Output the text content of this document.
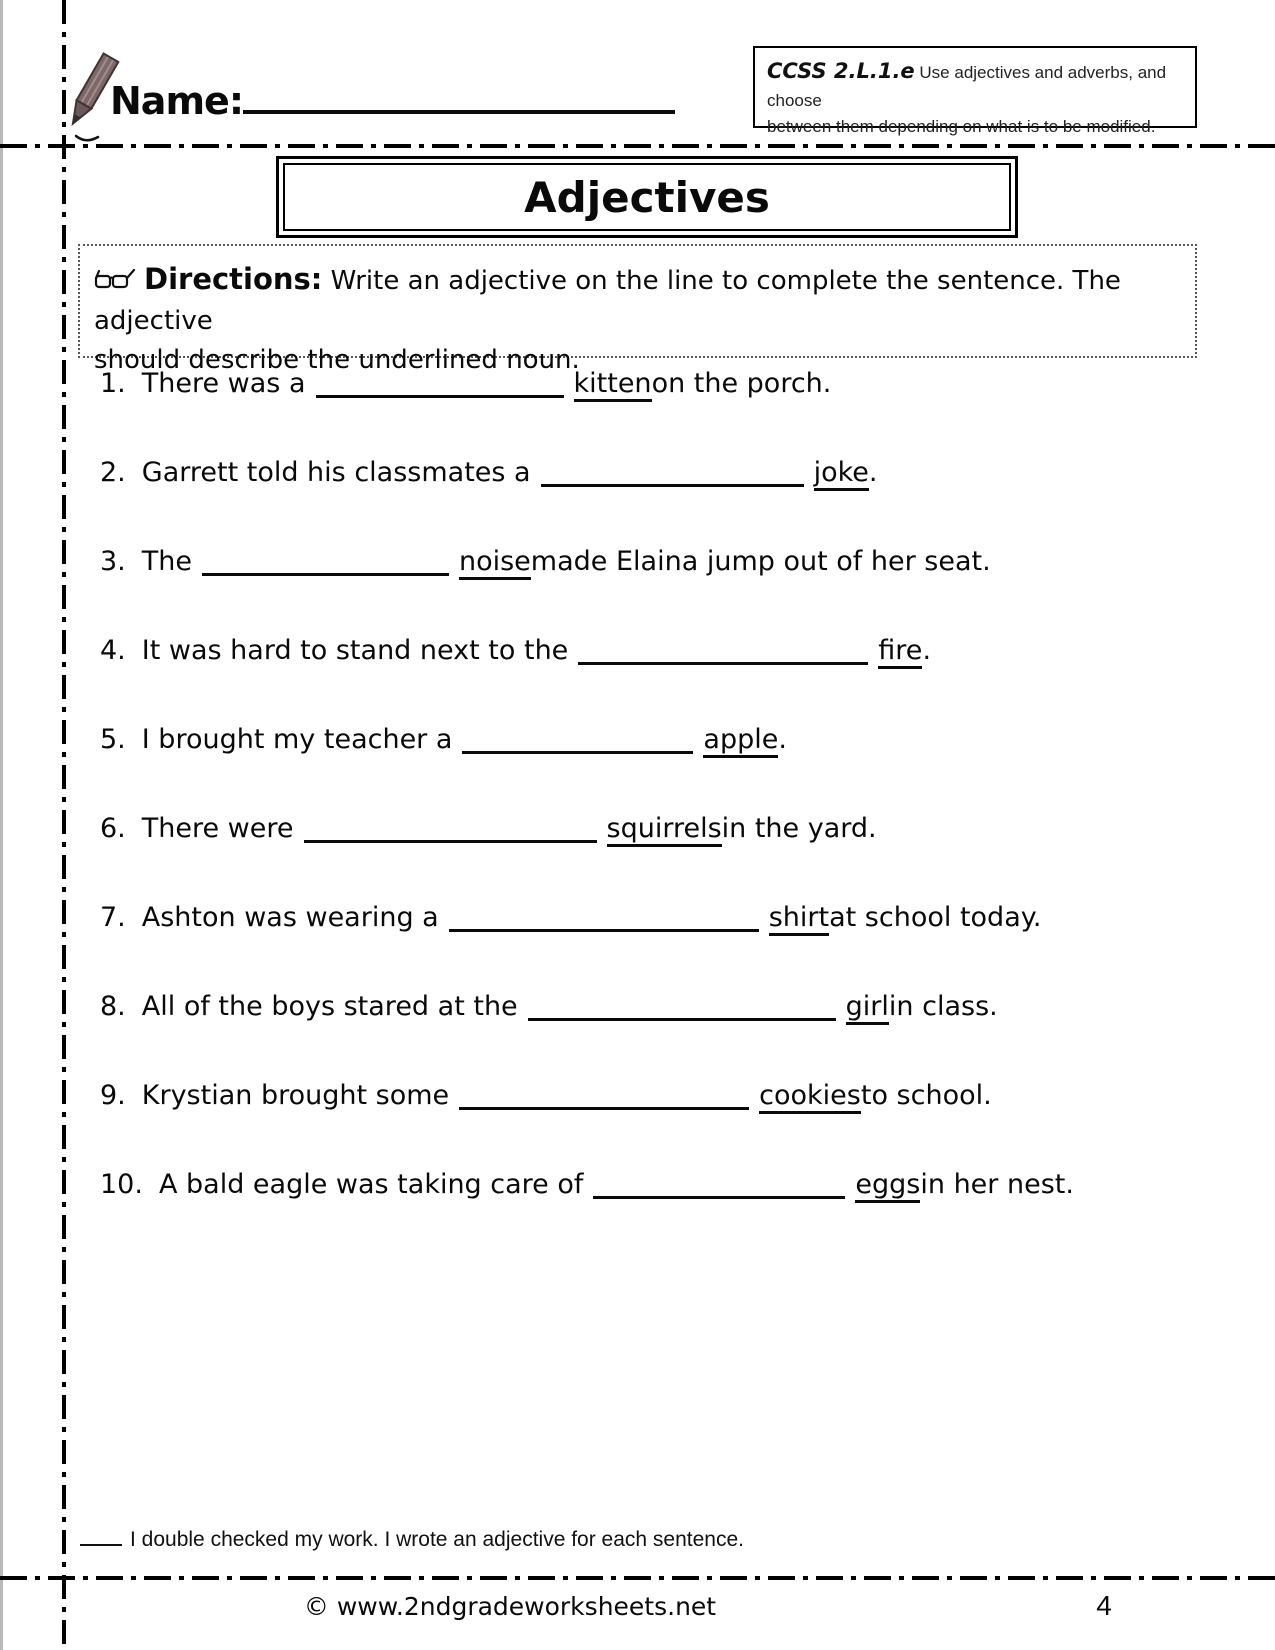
Name:
CCSS 2.L.1.e Use adjectives and adverbs, and choose
between them depending on what is to be modified.
Adjectives
Directions: Write an adjective on the line to complete the sentence. The adjective
should describe the underlined noun.
1. There was a	kitten on the porch.
2. Garrett told his classmates a	joke .
3. The	noise made Elaina jump out of her seat.
4. It was hard to stand next to the	fire .
5. I brought my teacher a	apple .
6. There were	squirrels in the yard.
7. Ashton was wearing a	shirt at school today.
8. All of the boys stared at the	girl in class.
9. Krystian brought some	cookies to school.
10. A bald eagle was taking care of	eggs in her nest.
I double checked my work. I wrote an adjective for each sentence.
© www.2ndgradeworksheets.net	4
